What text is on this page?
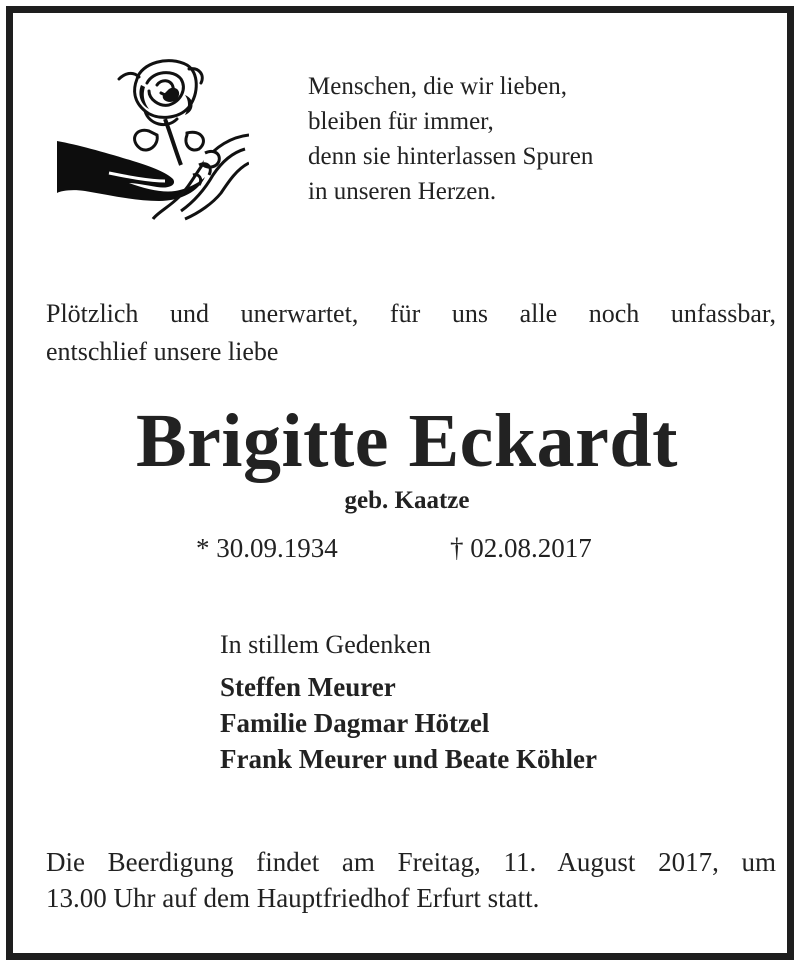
Menschen, die wir lieben,
bleiben für immer,
denn sie hinterlassen Spuren
in unseren Herzen.
Plötzlich und unerwartet, für uns alle noch unfassbar,
entschlief unsere liebe
Brigitte Eckardt
geb. Kaatze
* 30.09.1934	† 02.08.2017
In stillem Gedenken
Steffen Meurer
Familie Dagmar Hötzel
Frank Meurer und Beate Köhler
Die Beerdigung findet am Freitag, 11. August 2017, um
13.00 Uhr auf dem Hauptfriedhof Erfurt statt.
